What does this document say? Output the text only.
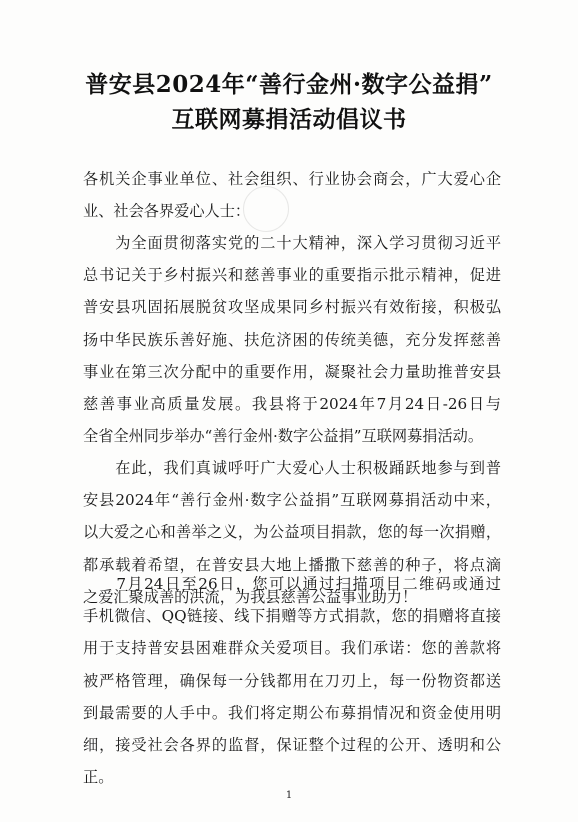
普安县2024年“善行金州·数字公益捐”
互联网募捐活动倡议书
各机关企事业单位、社会组织、行业协会商会，广大爱心企
业、社会各界爱心人士：
　　为全面贯彻落实党的二十大精神，深入学习贯彻习近平
总书记关于乡村振兴和慈善事业的重要指示批示精神，促进
普安县巩固拓展脱贫攻坚成果同乡村振兴有效衔接，积极弘
扬中华民族乐善好施、扶危济困的传统美德，充分发挥慈善
事业在第三次分配中的重要作用，凝聚社会力量助推普安县
慈善事业高质量发展。我县将于2024年7月24日-26日与
全省全州同步举办“善行金州·数字公益捐”互联网募捐活动。
　　在此，我们真诚呼吁广大爱心人士积极踊跃地参与到普
安县2024年“善行金州·数字公益捐”互联网募捐活动中来，
以大爱之心和善举之义，为公益项目捐款，您的每一次捐赠，
都承载着希望，在普安县大地上播撒下慈善的种子，将点滴
之爱汇聚成善的洪流，为我县慈善公益事业助力！
　　7月24日至26日，您可以通过扫描项目二维码或通过
手机微信、QQ链接、线下捐赠等方式捐款，您的捐赠将直接
用于支持普安县困难群众关爱项目。我们承诺：您的善款将
被严格管理，确保每一分钱都用在刀刃上，每一份物资都送
到最需要的人手中。我们将定期公布募捐情况和资金使用明
细，接受社会各界的监督，保证整个过程的公开、透明和公
正。
1
